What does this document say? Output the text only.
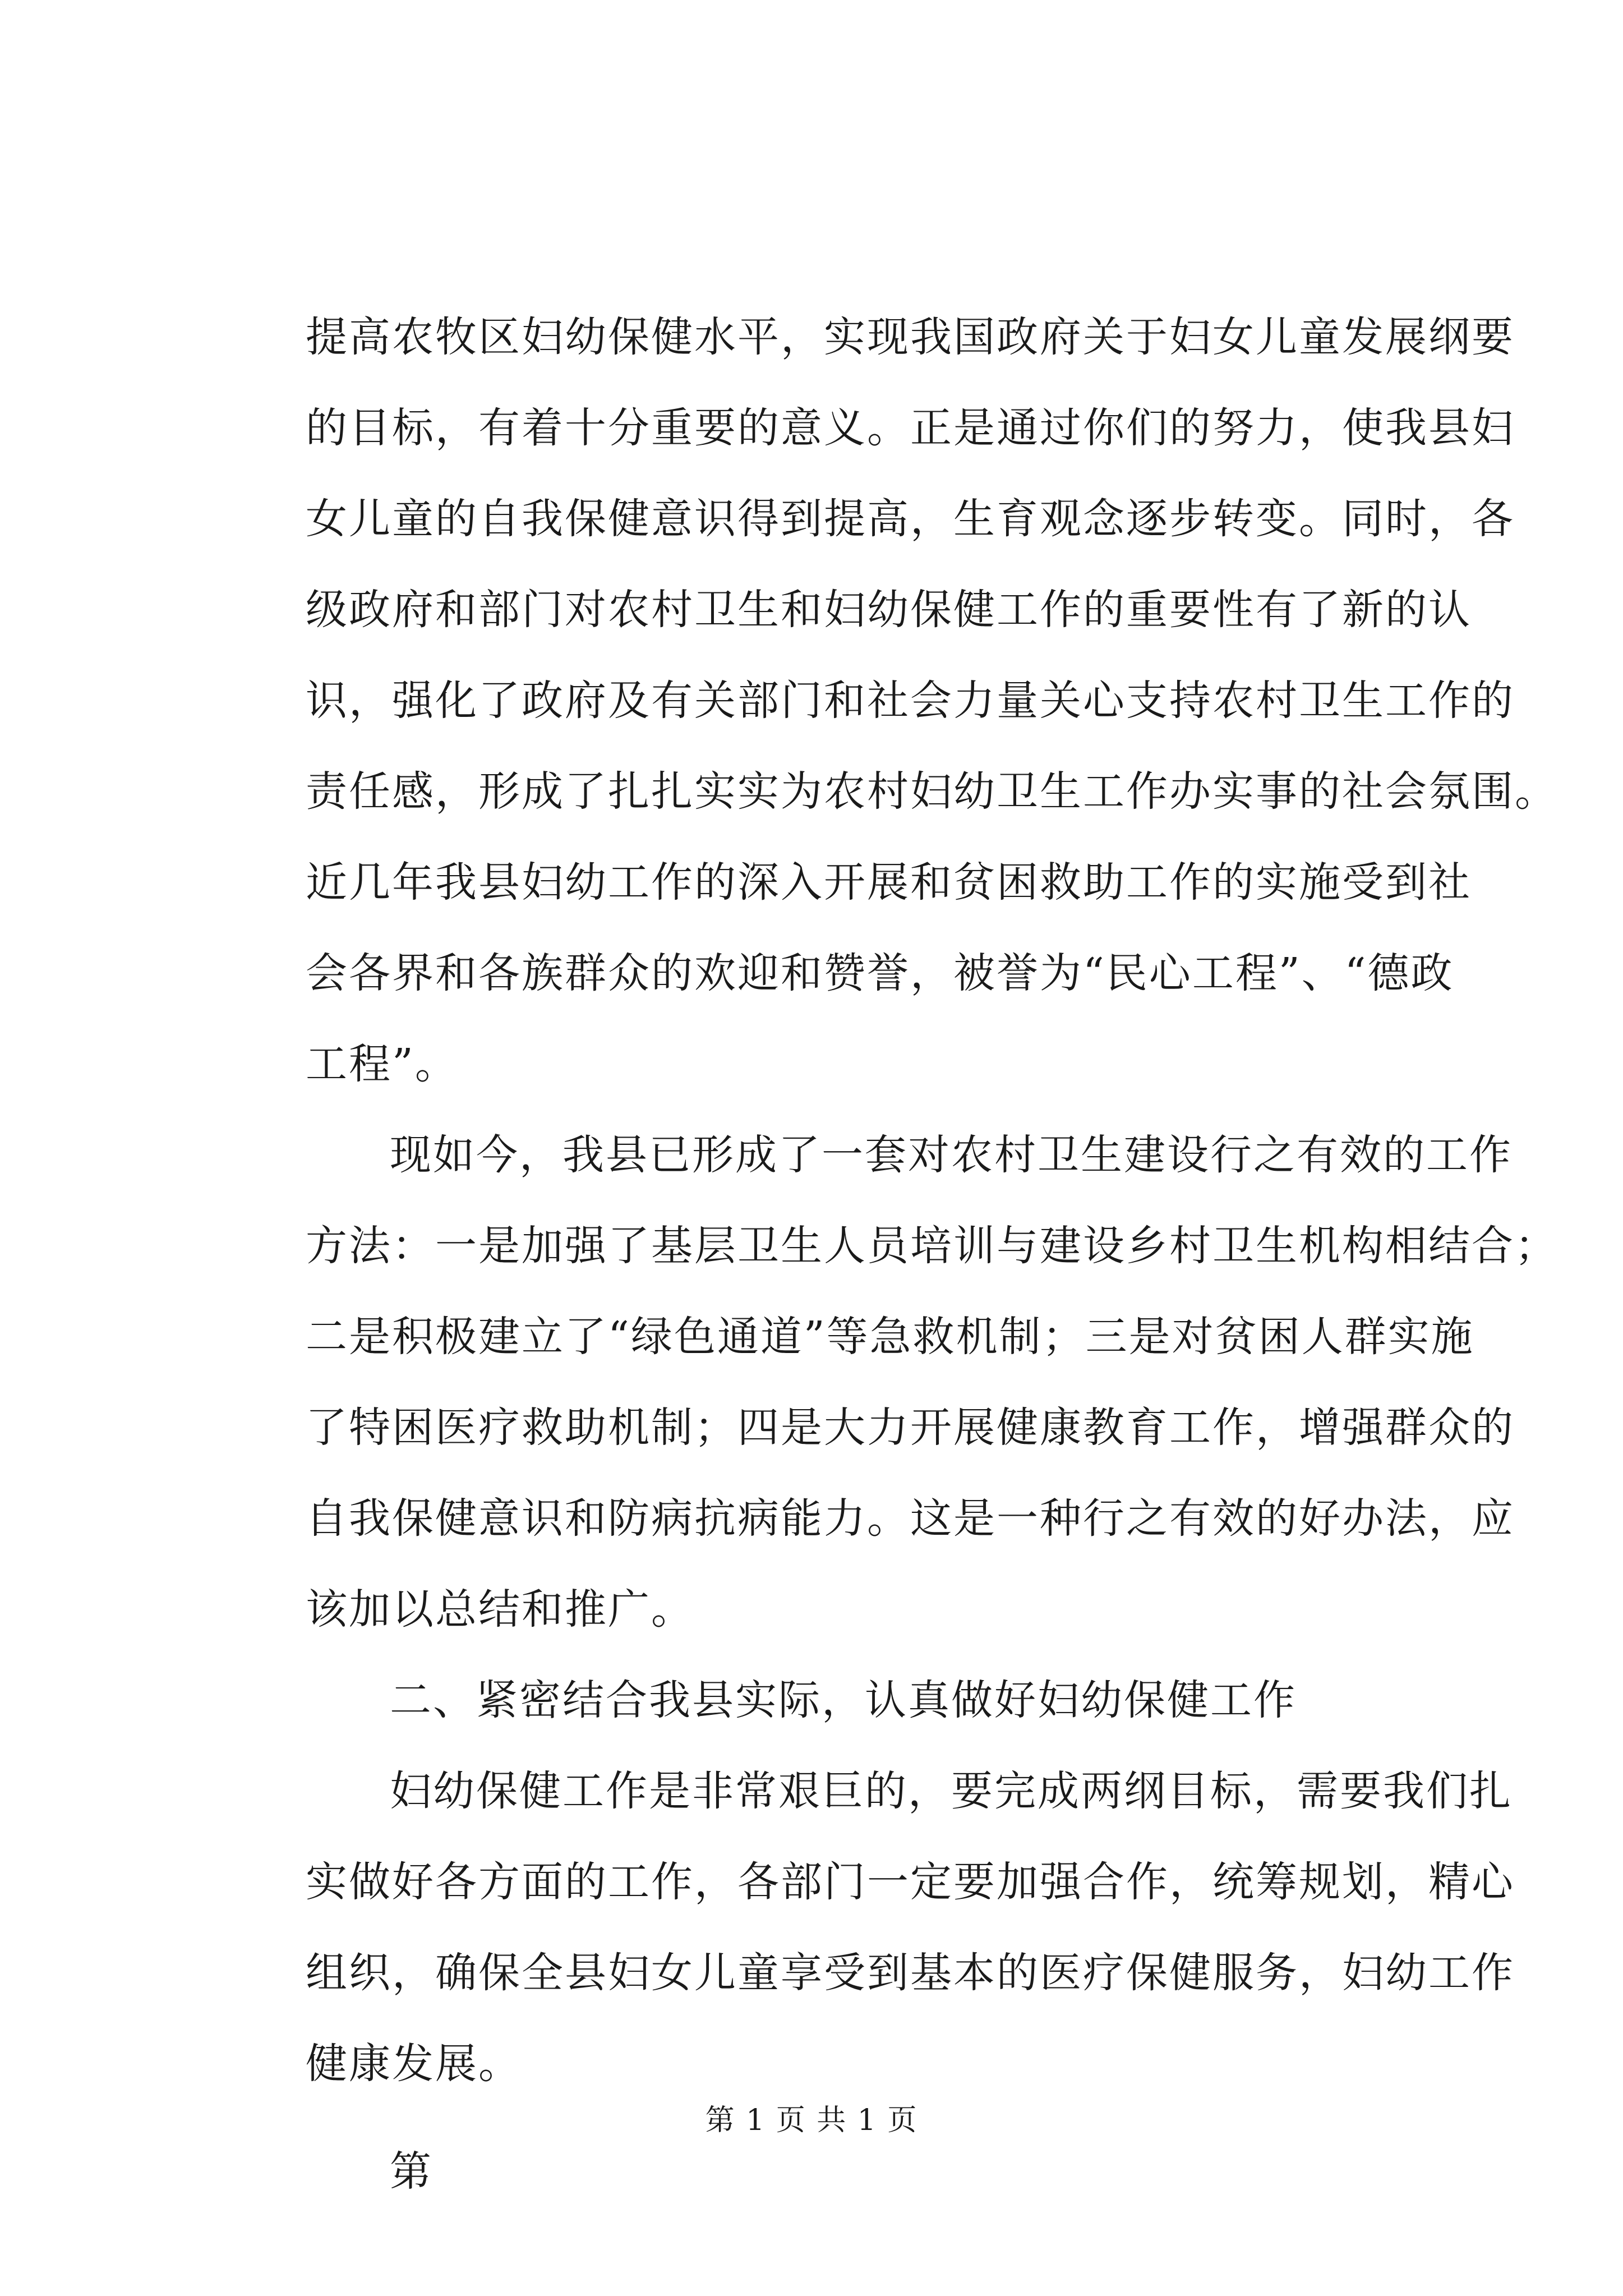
提高农牧区妇幼保健水平，实现我国政府关于妇女儿童发展纲要
的目标，有着十分重要的意义。正是通过你们的努力，使我县妇
女儿童的自我保健意识得到提高，生育观念逐步转变。同时，各
级政府和部门对农村卫生和妇幼保健工作的重要性有了新的认
识，强化了政府及有关部门和社会力量关心支持农村卫生工作的
责任感，形成了扎扎实实为农村妇幼卫生工作办实事的社会氛围。
近几年我县妇幼工作的深入开展和贫困救助工作的实施受到社
会各界和各族群众的欢迎和赞誉，被誉为“民心工程”、“德政
工程”。
现如今，我县已形成了一套对农村卫生建设行之有效的工作
方法：一是加强了基层卫生人员培训与建设乡村卫生机构相结合；
二是积极建立了“绿色通道”等急救机制；三是对贫困人群实施
了特困医疗救助机制；四是大力开展健康教育工作，增强群众的
自我保健意识和防病抗病能力。这是一种行之有效的好办法，应
该加以总结和推广。
二、紧密结合我县实际，认真做好妇幼保健工作
妇幼保健工作是非常艰巨的，要完成两纲目标，需要我们扎
实做好各方面的工作，各部门一定要加强合作，统筹规划，精心
组织，确保全县妇女儿童享受到基本的医疗保健服务，妇幼工作
健康发展。
第
第 1 页 共 1 页
